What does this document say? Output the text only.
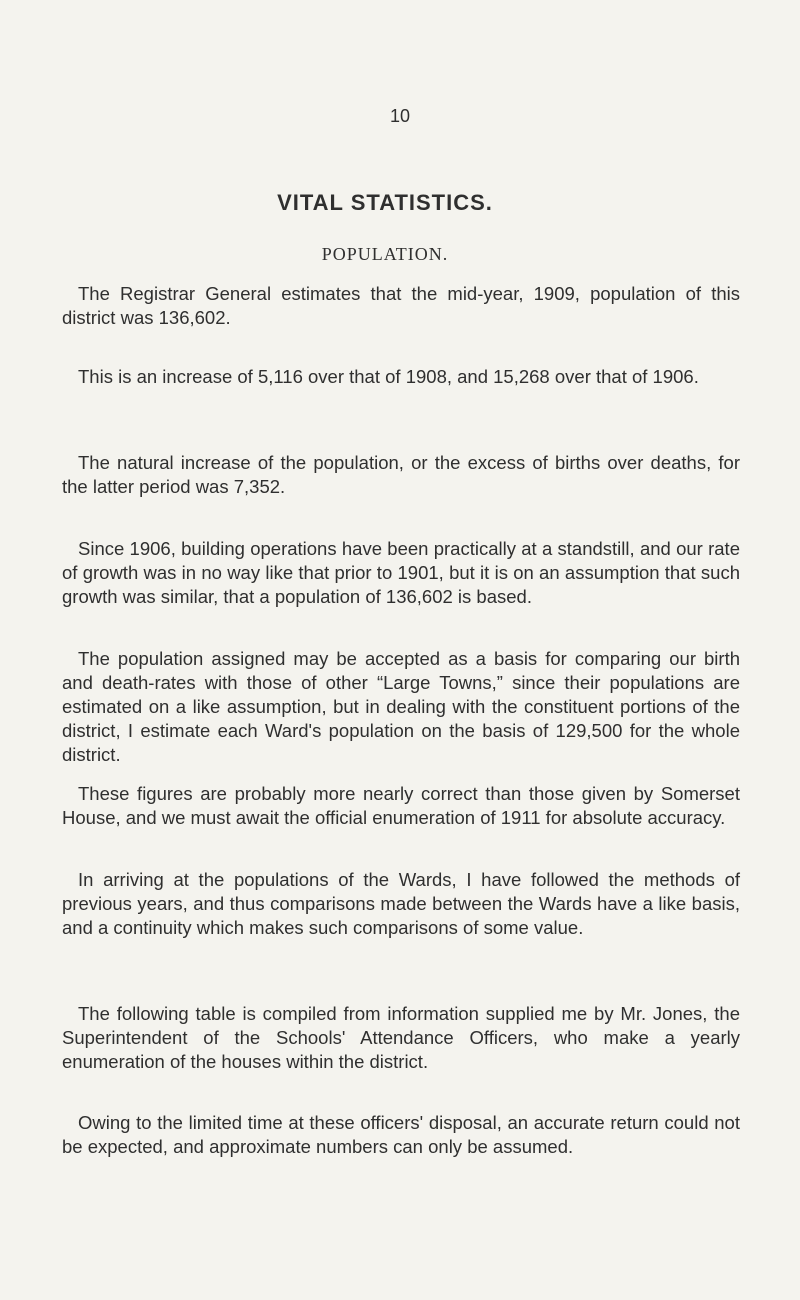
10
VITAL STATISTICS.
POPULATION.

The Registrar General estimates that the mid-year, 1909, population of this district was 136,602.

This is an increase of 5,116 over that of 1908, and 15,268 over that of 1906.

The natural increase of the population, or the excess of births over deaths, for the latter period was 7,352.

Since 1906, building operations have been practically at a standstill, and our rate of growth was in no way like that prior to 1901, but it is on an assumption that such growth was similar, that a population of 136,602 is based.

The population assigned may be accepted as a basis for comparing our birth and death-rates with those of other “Large Towns,” since their populations are estimated on a like assumption, but in dealing with the constituent portions of the district, I estimate each Ward's population on the basis of 129,500 for the whole district.

These figures are probably more nearly correct than those given by Somerset House, and we must await the official enumeration of 1911 for absolute accuracy.

In arriving at the populations of the Wards, I have followed the methods of previous years, and thus comparisons made between the Wards have a like basis, and a continuity which makes such comparisons of some value.

The following table is compiled from information supplied me by Mr. Jones, the Superintendent of the Schools' Attendance Officers, who make a yearly enumeration of the houses within the district.

Owing to the limited time at these officers' disposal, an accurate return could not be expected, and approximate numbers can only be assumed.
